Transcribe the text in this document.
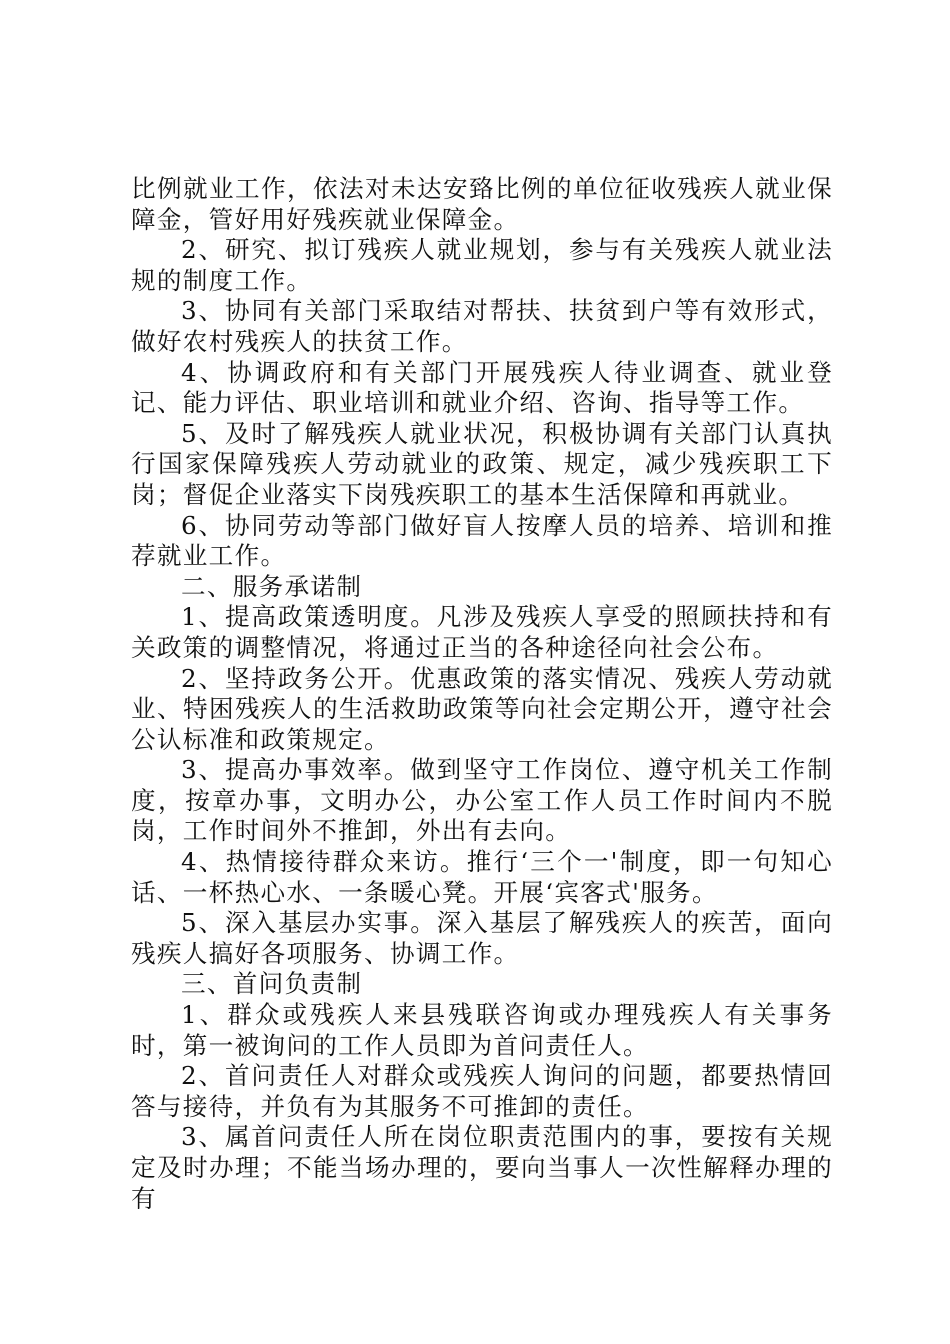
比例就业工作，依法对未达安臵比例的单位征收残疾人就业保障金，管好用好残疾就业保障金。

2、研究、拟订残疾人就业规划，参与有关残疾人就业法规的制度工作。

3、协同有关部门采取结对帮扶、扶贫到户等有效形式，做好农村残疾人的扶贫工作。

4、协调政府和有关部门开展残疾人待业调查、就业登记、能力评估、职业培训和就业介绍、咨询、指导等工作。

5、及时了解残疾人就业状况，积极协调有关部门认真执行国家保障残疾人劳动就业的政策、规定，减少残疾职工下岗；督促企业落实下岗残疾职工的基本生活保障和再就业。

6、协同劳动等部门做好盲人按摩人员的培养、培训和推荐就业工作。

二、服务承诺制

1、提高政策透明度。凡涉及残疾人享受的照顾扶持和有关政策的调整情况，将通过正当的各种途径向社会公布。

2、坚持政务公开。优惠政策的落实情况、残疾人劳动就业、特困残疾人的生活救助政策等向社会定期公开，遵守社会公认标准和政策规定。

3、提高办事效率。做到坚守工作岗位、遵守机关工作制度，按章办事，文明办公，办公室工作人员工作时间内不脱岗，工作时间外不推卸，外出有去向。

4、热情接待群众来访。推行‘三个一'制度，即一句知心话、一杯热心水、一条暖心凳。开展‘宾客式'服务。

5、深入基层办实事。深入基层了解残疾人的疾苦，面向残疾人搞好各项服务、协调工作。

三、首问负责制

1、群众或残疾人来县残联咨询或办理残疾人有关事务时，第一被询问的工作人员即为首问责任人。

2、首问责任人对群众或残疾人询问的问题，都要热情回答与接待，并负有为其服务不可推卸的责任。

3、属首问责任人所在岗位职责范围内的事，要按有关规定及时办理；不能当场办理的，要向当事人一次性解释办理的有
